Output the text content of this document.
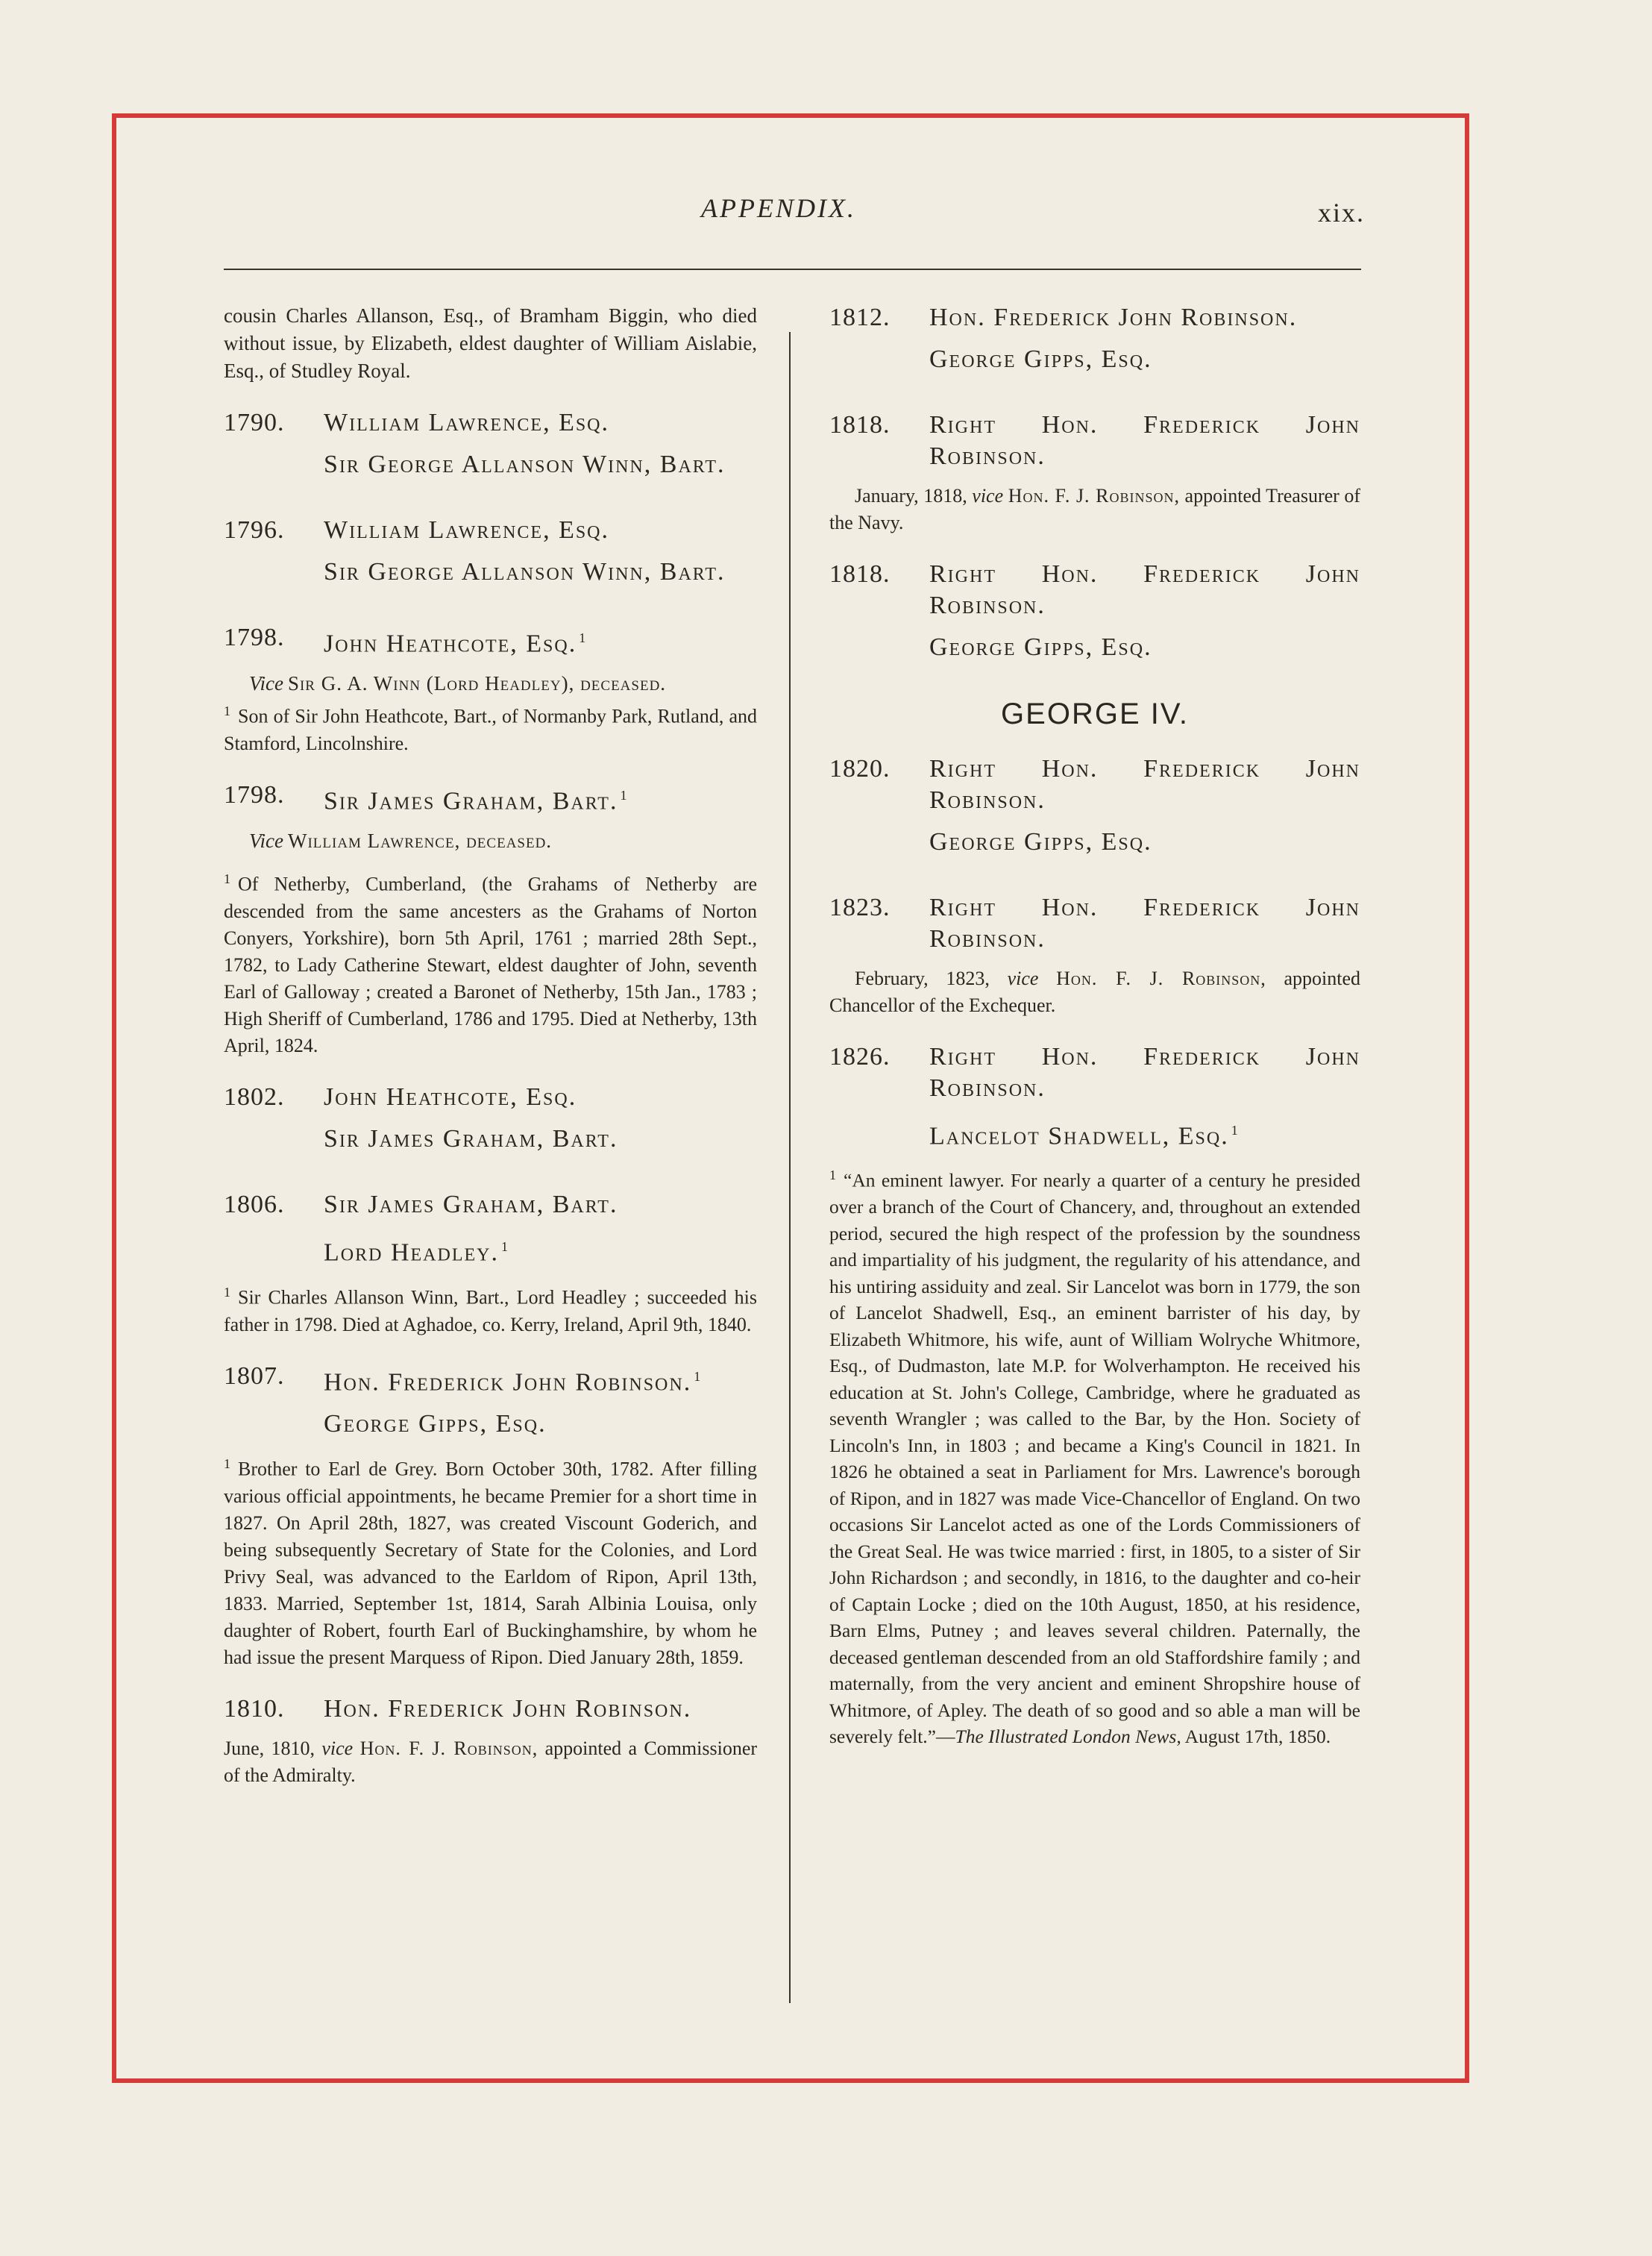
APPENDIX.	xix.

cousin Charles Allanson, Esq., of Bramham Biggin, who died without issue, by Elizabeth, eldest daughter of William Aislabie, Esq., of Studley Royal.

1790.	William Lawrence, Esq.
Sir George Allanson Winn, Bart.
1796.	William Lawrence, Esq.
Sir George Allanson Winn, Bart.
1798.	John Heathcote, Esq. $^1$

Vice Sir G. A. Winn (Lord Headley), deceased.

$^1$ Son of Sir John Heathcote, Bart., of Normanby Park, Rutland, and Stamford, Lincolnshire.

1798.	Sir James Graham, Bart. $^1$

Vice William Lawrence, deceased.

$^1$ Of Netherby, Cumberland, (the Grahams of Netherby are descended from the same ancesters as the Grahams of Norton Conyers, Yorkshire), born 5th April, 1761 ; married 28th Sept., 1782, to Lady Catherine Stewart, eldest daughter of John, seventh Earl of Galloway ; created a Baronet of Netherby, 15th Jan., 1783 ; High Sheriff of Cumberland, 1786 and 1795. Died at Netherby, 13th April, 1824.

1802.	John Heathcote, Esq.
Sir James Graham, Bart.
1806.	Sir James Graham, Bart.
Lord Headley. $^1$

$^1$ Sir Charles Allanson Winn, Bart., Lord Headley ; succeeded his father in 1798. Died at Aghadoe, co. Kerry, Ireland, April 9th, 1840.

1807.	Hon. Frederick John Robinson. $^1$
George Gipps, Esq.

$^1$ Brother to Earl de Grey. Born October 30th, 1782. After filling various official appointments, he became Premier for a short time in 1827. On April 28th, 1827, was created Viscount Goderich, and being subsequently Secretary of State for the Colonies, and Lord Privy Seal, was advanced to the Earldom of Ripon, April 13th, 1833. Married, September 1st, 1814, Sarah Albinia Louisa, only daughter of Robert, fourth Earl of Buckinghamshire, by whom he had issue the present Marquess of Ripon. Died January 28th, 1859.

1810.	Hon. Frederick John Robinson.

June, 1810, vice Hon. F. J. Robinson, appointed a Commissioner of the Admiralty.

1812.	Hon. Frederick John Robinson.
George Gipps, Esq.
1818.	Right Hon. Frederick John Robinson.

January, 1818, vice Hon. F. J. Robinson, appointed Treasurer of the Navy.

1818.	Right Hon. Frederick John Robinson.
George Gipps, Esq.

GEORGE IV.

1820.	Right Hon. Frederick John Robinson.
George Gipps, Esq.
1823.	Right Hon. Frederick John Robinson.

February, 1823, vice Hon. F. J. Robinson, appointed Chancellor of the Exchequer.

1826.	Right Hon. Frederick John Robinson.
Lancelot Shadwell, Esq. $^1$

$^1$ “An eminent lawyer. For nearly a quarter of a century he presided over a branch of the Court of Chancery, and, throughout an extended period, secured the high respect of the profession by the soundness and impartiality of his judgment, the regularity of his attendance, and his untiring assiduity and zeal. Sir Lancelot was born in 1779, the son of Lancelot Shadwell, Esq., an eminent barrister of his day, by Elizabeth Whitmore, his wife, aunt of William Wolryche Whitmore, Esq., of Dudmaston, late M.P. for Wolverhampton. He received his education at St. John's College, Cambridge, where he graduated as seventh Wrangler ; was called to the Bar, by the Hon. Society of Lincoln's Inn, in 1803 ; and became a King's Council in 1821. In 1826 he obtained a seat in Parliament for Mrs. Lawrence's borough of Ripon, and in 1827 was made Vice-Chancellor of England. On two occasions Sir Lancelot acted as one of the Lords Commissioners of the Great Seal. He was twice married : first, in 1805, to a sister of Sir John Richardson ; and secondly, in 1816, to the daughter and co-heir of Captain Locke ; died on the 10th August, 1850, at his residence, Barn Elms, Putney ; and leaves several children. Paternally, the deceased gentleman descended from an old Staffordshire family ; and maternally, from the very ancient and eminent Shropshire house of Whitmore, of Apley. The death of so good and so able a man will be severely felt.”—The Illustrated London News, August 17th, 1850.
